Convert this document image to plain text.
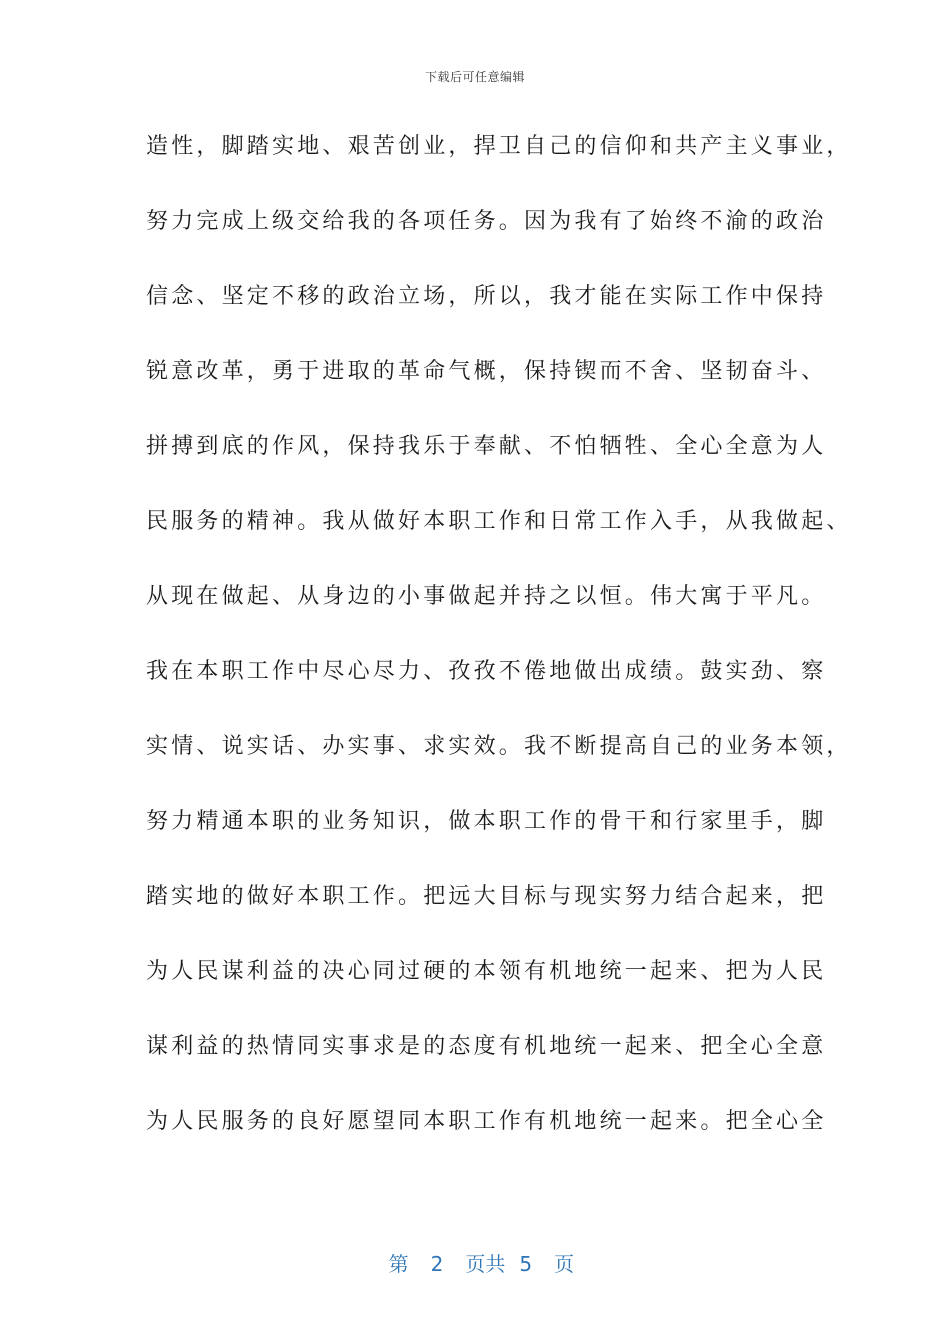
下载后可任意编辑
造性，脚踏实地、艰苦创业，捍卫自己的信仰和共产主义事业，
努力完成上级交给我的各项任务。因为我有了始终不渝的政治
信念、坚定不移的政治立场，所以，我才能在实际工作中保持
锐意改革，勇于进取的革命气概，保持锲而不舍、坚韧奋斗、
拼搏到底的作风，保持我乐于奉献、不怕牺牲、全心全意为人
民服务的精神。我从做好本职工作和日常工作入手，从我做起、
从现在做起、从身边的小事做起并持之以恒。伟大寓于平凡。
我在本职工作中尽心尽力、孜孜不倦地做出成绩。鼓实劲、察
实情、说实话、办实事、求实效。我不断提高自己的业务本领，
努力精通本职的业务知识，做本职工作的骨干和行家里手，脚
踏实地的做好本职工作。把远大目标与现实努力结合起来，把
为人民谋利益的决心同过硬的本领有机地统一起来、把为人民
谋利益的热情同实事求是的态度有机地统一起来、把全心全意
为人民服务的良好愿望同本职工作有机地统一起来。把全心全

第 2 页共 5 页
